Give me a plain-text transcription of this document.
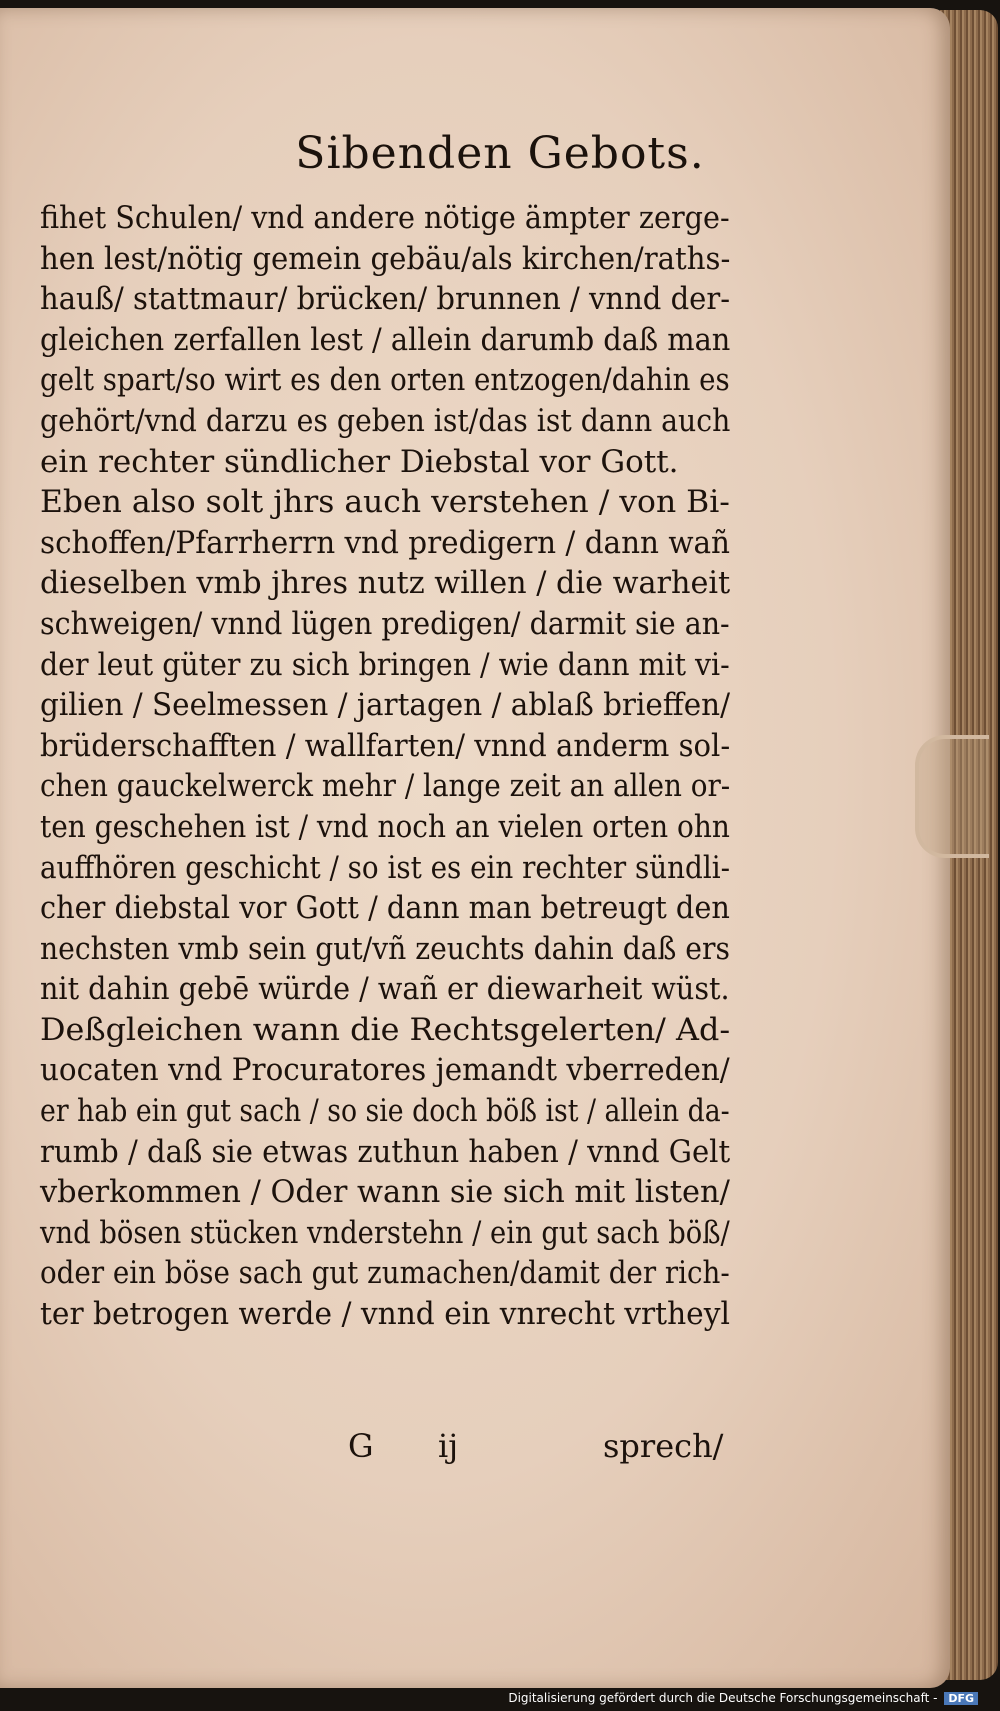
Sibenden Gebots.
fihet Schulen/ vnd andere nötige ämpter zerge-
hen lest/nötig gemein gebäu/als kirchen/raths-
hauß/ stattmaur/ brücken/ brunnen / vnnd der-
gleichen zerfallen lest / allein darumb daß man
gelt spart/so wirt es den orten entzogen/dahin es
gehört/vnd darzu es geben ist/das ist dann auch
ein rechter sündlicher Diebstal vor Gott.
Eben also solt jhrs auch verstehen / von Bi-
schoffen/Pfarrherrn vnd predigern / dann wañ
dieselben vmb jhres nutz willen / die warheit
schweigen/ vnnd lügen predigen/ darmit sie an-
der leut güter zu sich bringen / wie dann mit vi-
gilien / Seelmessen / jartagen / ablaß brieffen/
brüderschafften / wallfarten/ vnnd anderm sol-
chen gauckelwerck mehr / lange zeit an allen or-
ten geschehen ist / vnd noch an vielen orten ohn
auffhören geschicht / so ist es ein rechter sündli-
cher diebstal vor Gott / dann man betreugt den
nechsten vmb sein gut/vñ zeuchts dahin daß ers
nit dahin gebē würde / wañ er diewarheit wüst.
Deßgleichen wann die Rechtsgelerten/ Ad-
uocaten vnd Procuratores jemandt vberreden/
er hab ein gut sach / so sie doch böß ist / allein da-
rumb / daß sie etwas zuthun haben / vnnd Gelt
vberkommen / Oder wann sie sich mit listen/
vnd bösen stücken vnderstehn / ein gut sach böß/
oder ein böse sach gut zumachen/damit der rich-
ter betrogen werde / vnnd ein vnrecht vrtheyl
G ij	sprech/
Digitalisierung gefördert durch die Deutsche Forschungsgemeinschaft - DFG
